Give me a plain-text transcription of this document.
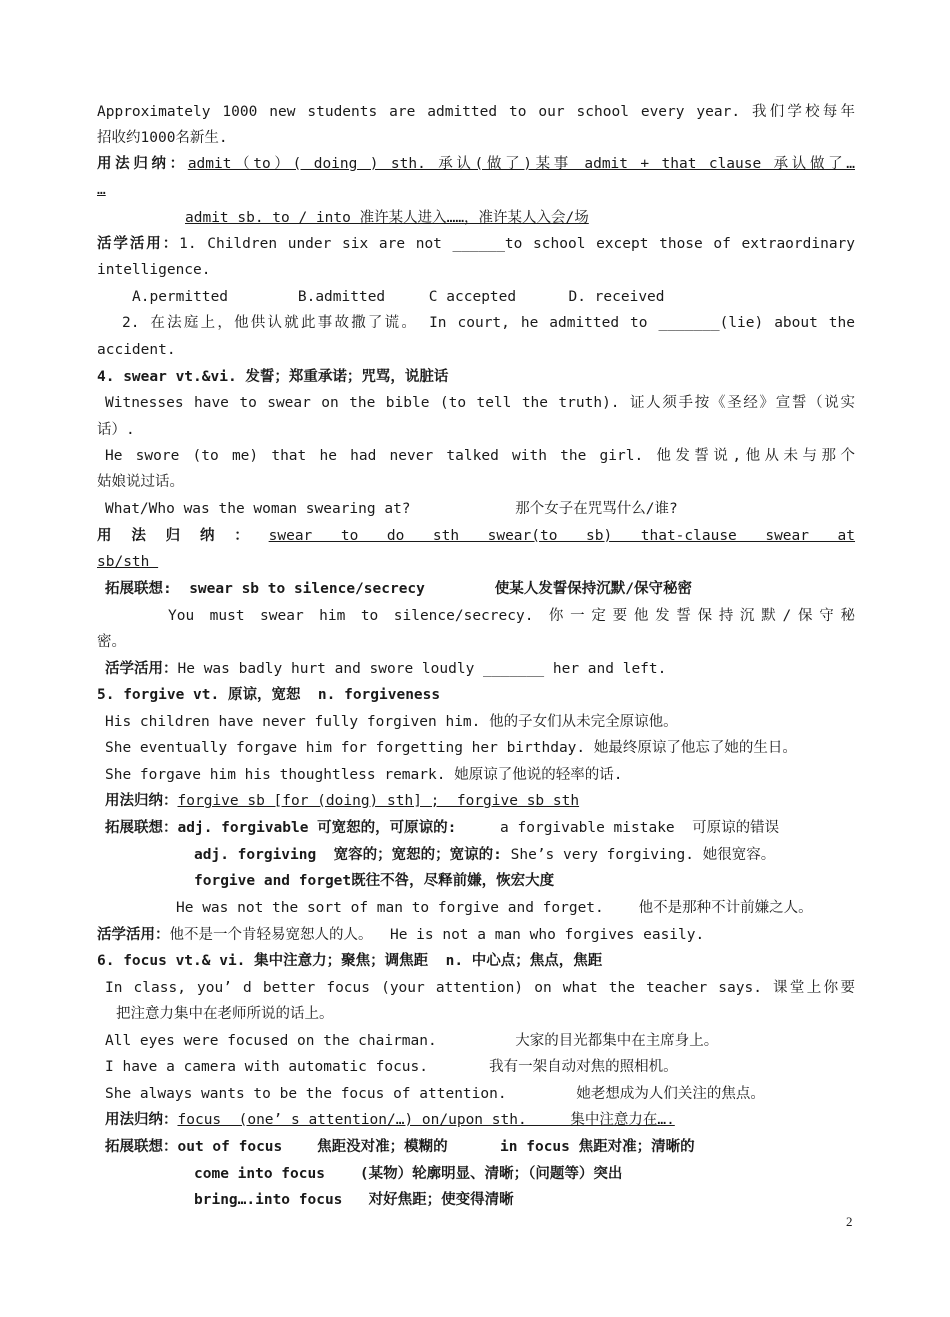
Approximately 1000 new students are admitted to our school every year. 我们学校每年
招收约1000名新生.
用法归纳：admit（to）( doing ) sth. 承认(做了)某事 admit + that clause 承认做了…
…
admit sb. to / into 准许某人进入……，准许某人入会/场
活学活用：1. Children under six are not ______to school except those of extraordinary
intelligence.
A.permitted        B.admitted     C accepted      D. received
2. 在法庭上，他供认就此事故撒了谎。 In court, he admitted to _______(lie) about the
accident.
4. swear vt.&vi. 发誓；郑重承诺；咒骂，说脏话
Witnesses have to swear on the bible (to tell the truth). 证人须手按《圣经》宣誓（说实
话）.
He swore (to me) that he had never talked with the girl. 他发誓说,他从未与那个
姑娘说过话。
What/Who was the woman swearing at?            那个女子在咒骂什么/谁?
用法归纳：swear to do sth swear(to sb) that-clause swear at
sb/sth
拓展联想:  swear sb to silence/secrecy        使某人发誓保持沉默/保守秘密
You must swear him to silence/secrecy. 你一定要他发誓保持沉默/保守秘
密。
活学活用：He was badly hurt and swore loudly _______ her and left.
5. forgive vt. 原谅，宽恕  n. forgiveness
His children have never fully forgiven him. 他的子女们从未完全原谅他。
She eventually forgave him for forgetting her birthday. 她最终原谅了他忘了她的生日。
She forgave him his thoughtless remark. 她原谅了他说的轻率的话.
用法归纳：forgive sb [for (doing) sth] ;  forgive sb sth
拓展联想：adj. forgivable 可宽恕的，可原谅的:     a forgivable mistake  可原谅的错误
adj. forgiving  宽容的；宽恕的；宽谅的: She’s very forgiving. 她很宽容。
forgive and forget既往不咎，尽释前嫌，恢宏大度
He was not the sort of man to forgive and forget.    他不是那种不计前嫌之人。
活学活用：他不是一个肯轻易宽恕人的人。  He is not a man who forgives easily.
6. focus vt.& vi. 集中注意力；聚焦；调焦距  n. 中心点；焦点，焦距
In class, you’ d better focus (your attention) on what the teacher says. 课堂上你要
把注意力集中在老师所说的话上。
All eyes were focused on the chairman.         大家的目光都集中在主席身上。
I have a camera with automatic focus.       我有一架自动对焦的照相机。
She always wants to be the focus of attention.        她老想成为人们关注的焦点。
用法归纳：focus  (one’ s attention/…) on/upon sth.     集中注意力在….
拓展联想：out of focus    焦距没对准；模糊的      in focus 焦距对准；清晰的
come into focus    (某物）轮廓明显、清晰；（问题等）突出
bring….into focus   对好焦距；使变得清晰
2
